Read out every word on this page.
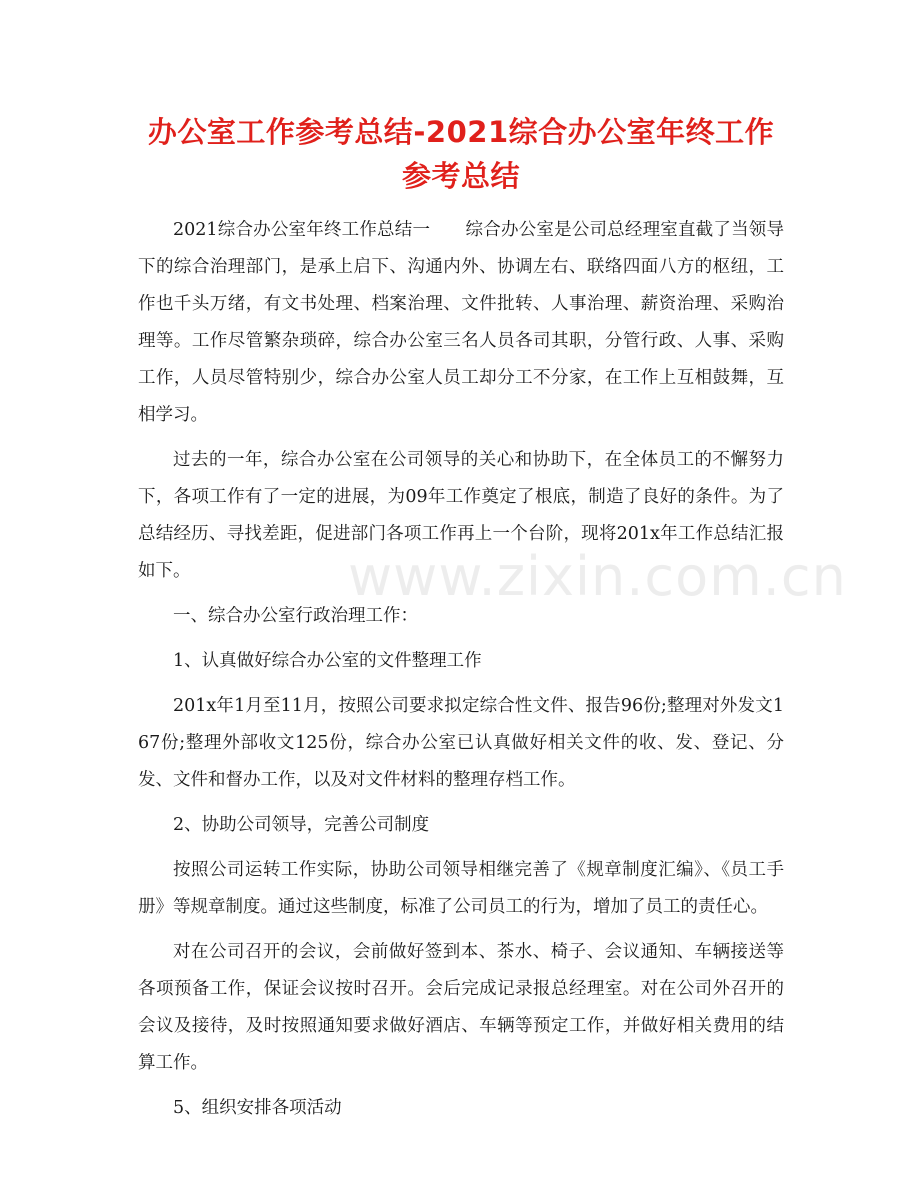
办公室工作参考总结-2021综合办公室年终工作参考总结

2021综合办公室年终工作总结一　　综合办公室是公司总经理室直截了当领导下的综合治理部门，是承上启下、沟通内外、协调左右、联络四面八方的枢纽，工作也千头万绪，有文书处理、档案治理、文件批转、人事治理、薪资治理、采购治理等。工作尽管繁杂琐碎，综合办公室三名人员各司其职，分管行政、人事、采购工作，人员尽管特别少，综合办公室人员工却分工不分家，在工作上互相鼓舞，互相学习。

过去的一年，综合办公室在公司领导的关心和协助下，在全体员工的不懈努力下，各项工作有了一定的进展，为09年工作奠定了根底，制造了良好的条件。为了总结经历、寻找差距，促进部门各项工作再上一个台阶，现将201x年工作总结汇报如下。

一、综合办公室行政治理工作：

1、认真做好综合办公室的文件整理工作

201x年1月至11月，按照公司要求拟定综合性文件、报告96份;整理对外发文167份;整理外部收文125份，综合办公室已认真做好相关文件的收、发、登记、分发、文件和督办工作，以及对文件材料的整理存档工作。

2、协助公司领导，完善公司制度

按照公司运转工作实际，协助公司领导相继完善了《规章制度汇编》、《员工手册》等规章制度。通过这些制度，标准了公司员工的行为，增加了员工的责任心。

对在公司召开的会议，会前做好签到本、茶水、椅子、会议通知、车辆接送等各项预备工作，保证会议按时召开。会后完成记录报总经理室。对在公司外召开的会议及接待，及时按照通知要求做好酒店、车辆等预定工作，并做好相关费用的结算工作。

5、组织安排各项活动

www.zixin.com.cn
